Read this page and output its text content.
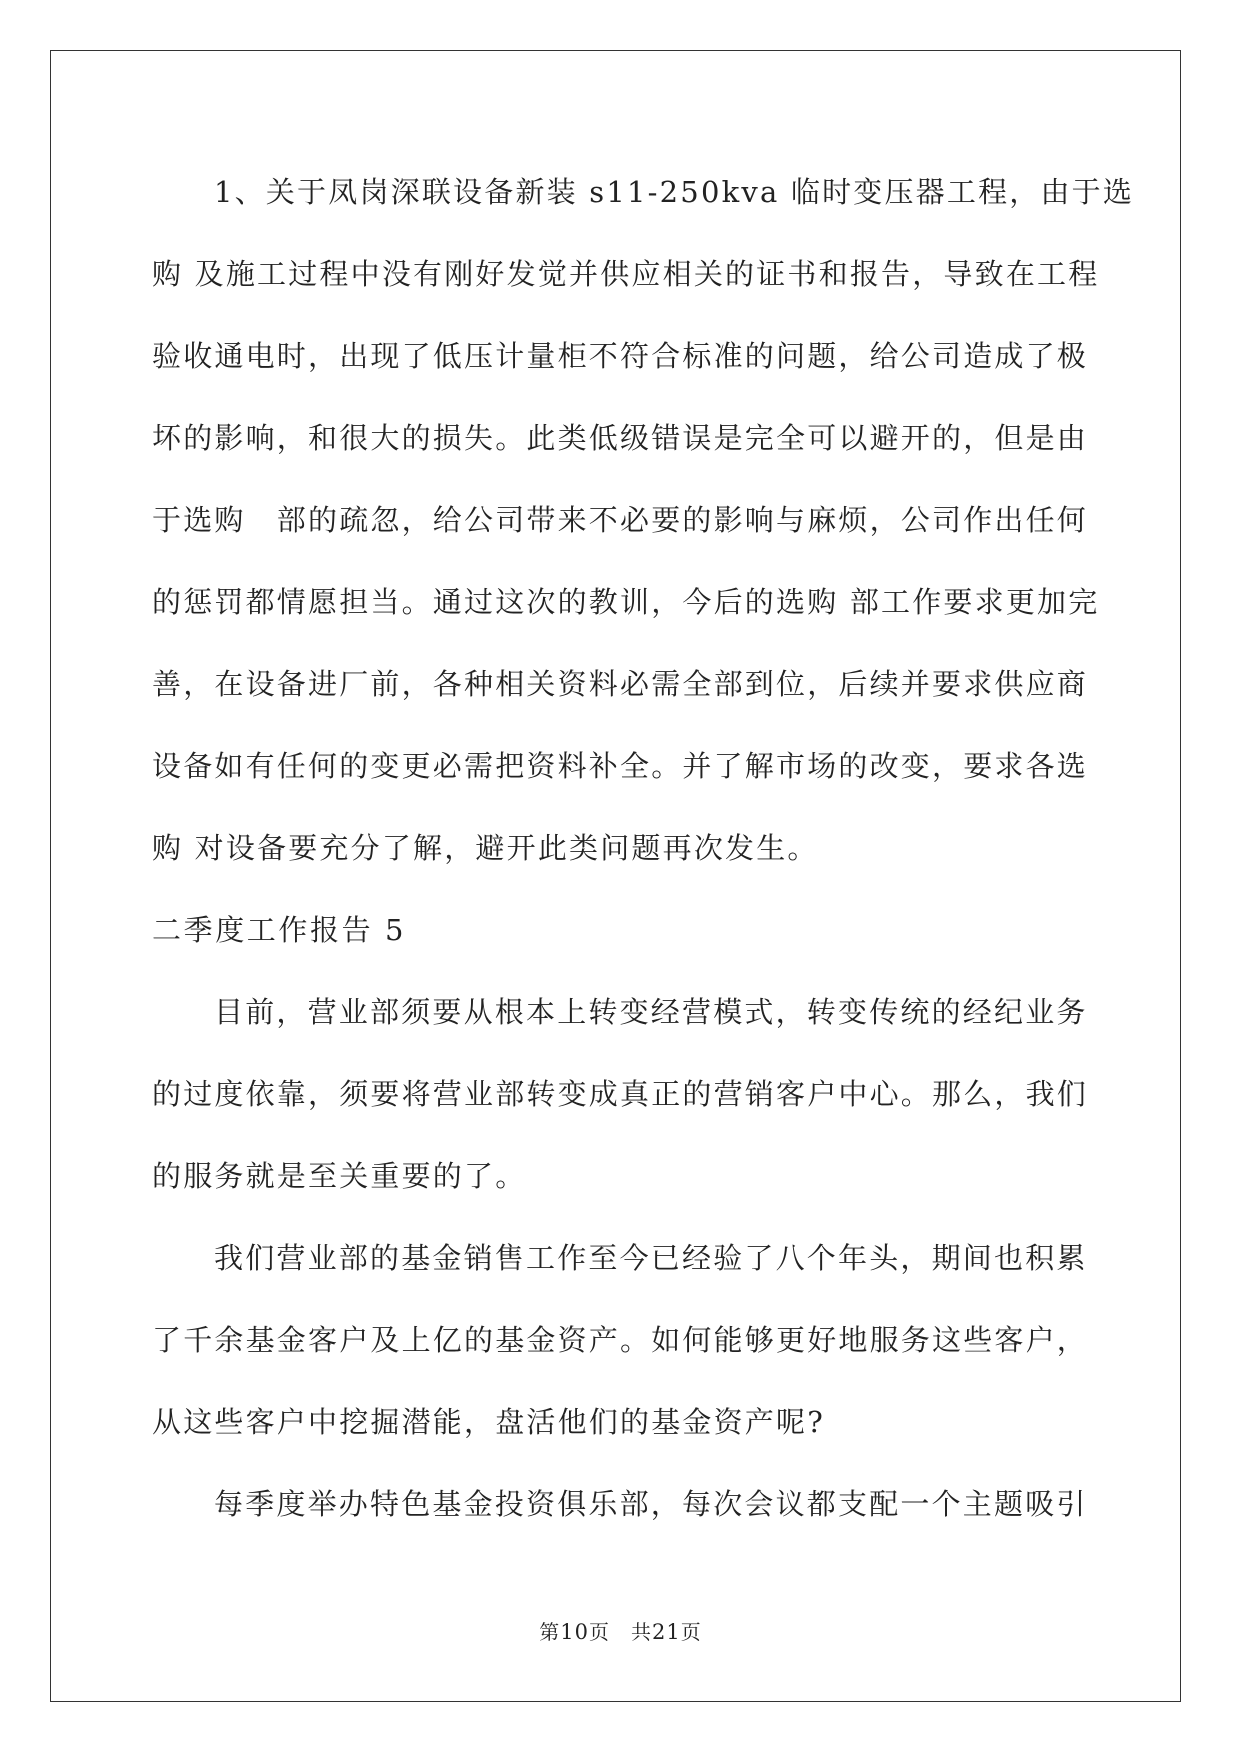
1、关于凤岗深联设备新装 s11-250kva 临时变压器工程，由于选
购 及施工过程中没有刚好发觉并供应相关的证书和报告，导致在工程
验收通电时，出现了低压计量柜不符合标准的问题，给公司造成了极
坏的影响，和很大的损失。此类低级错误是完全可以避开的，但是由
于选购　部的疏忽，给公司带来不必要的影响与麻烦，公司作出任何
的惩罚都情愿担当。通过这次的教训，今后的选购 部工作要求更加完
善，在设备进厂前，各种相关资料必需全部到位，后续并要求供应商
设备如有任何的变更必需把资料补全。并了解市场的改变，要求各选
购 对设备要充分了解，避开此类问题再次发生。
二季度工作报告 5
目前，营业部须要从根本上转变经营模式，转变传统的经纪业务
的过度依靠，须要将营业部转变成真正的营销客户中心。那么，我们
的服务就是至关重要的了。
我们营业部的基金销售工作至今已经验了八个年头，期间也积累
了千余基金客户及上亿的基金资产。如何能够更好地服务这些客户，
从这些客户中挖掘潜能，盘活他们的基金资产呢?
每季度举办特色基金投资俱乐部，每次会议都支配一个主题吸引
第10页　共21页
